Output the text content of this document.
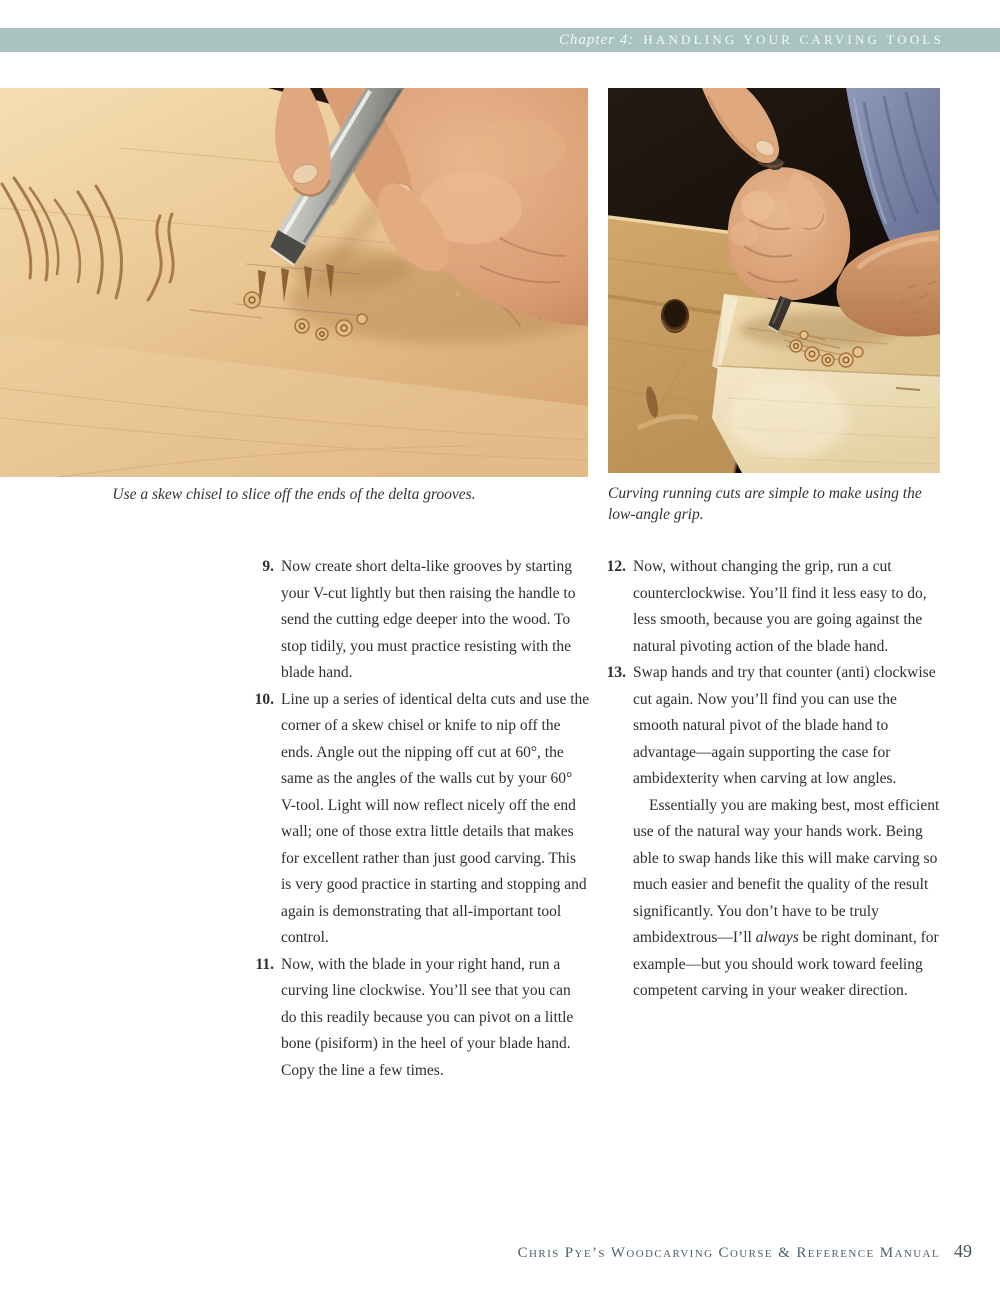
Chapter 4: HANDLING YOUR CARVING TOOLS
Use a skew chisel to slice off the ends of the delta grooves.	Curving running cuts are simple to make using the low-angle grip.
9. Now create short delta-like grooves by starting your V-cut lightly but then raising the handle to send the cutting edge deeper into the wood. To stop tidily, you must practice resisting with the blade hand.
10. Line up a series of identical delta cuts and use the corner of a skew chisel or knife to nip off the ends. Angle out the nipping off cut at 60°, the same as the angles of the walls cut by your 60° V-tool. Light will now reflect nicely off the end wall; one of those extra little details that makes for excellent rather than just good carving. This is very good practice in starting and stopping and again is demonstrating that all-important tool control.
11. Now, with the blade in your right hand, run a curving line clockwise. You’ll see that you can do this readily because you can pivot on a little bone (pisiform) in the heel of your blade hand. Copy the line a few times.
12. Now, without changing the grip, run a cut counterclockwise. You’ll find it less easy to do, less smooth, because you are going against the natural pivoting action of the blade hand.
13. Swap hands and try that counter (anti) clockwise cut again. Now you’ll find you can use the smooth natural pivot of the blade hand to advantage—again supporting the case for ambidexterity when carving at low angles.

Essentially you are making best, most efficient use of the natural way your hands work. Being able to swap hands like this will make carving so much easier and benefit the quality of the result significantly. You don’t have to be truly ambidextrous—I’ll always be right dominant, for example—but you should work toward feeling competent carving in your weaker direction.

Chris Pye’s Woodcarving Course & Reference Manual 49
